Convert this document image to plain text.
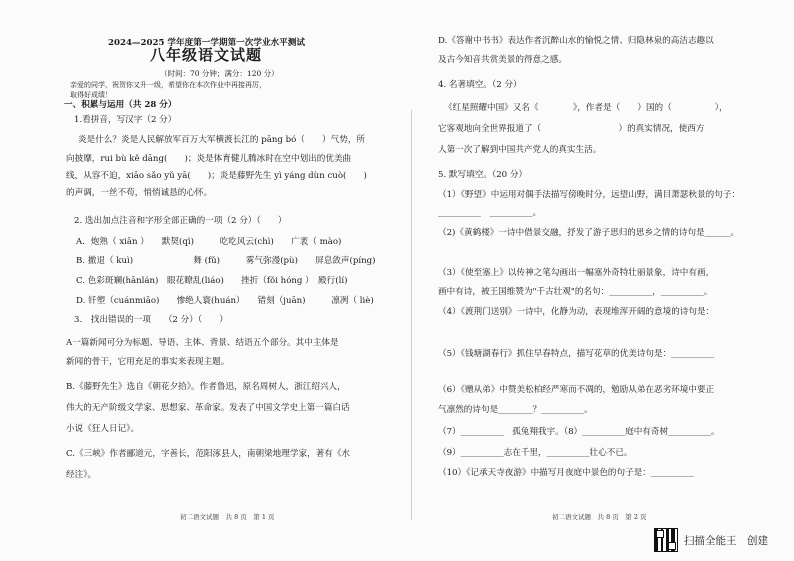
2024—2025 学年度第一学期第一次学业水平测试
八年级语文试题
（时间：70 分钟；满分：120 分）
亲爱的同学，祝贺你又升一级，希望你在本次作业中再接再厉，
取得好成绩！
一、积累与运用（共 28 分）
1.看拼音，写汉字（2 分）
炎是什么？炎是人民解放军百万大军横渡长江的 pāng bó（　　）气势，所
向披靡，rui bù kě dāng(　　)；炎是体育健儿腾冰时在空中划出的优美曲
线，从容不迫，xiāo sǎo yǔ yā(　　)；炎是藤野先生 yì yáng dùn cuò(　　)
的声调，一丝不苟，悄悄诚恳的心怀。
2. 选出加点注音和字形全部正确的一项（2 分）（　　）
A．炮熟（ xiān ）　　默契(qì)　　　吃吃风云(chì)　　广袤（ mào)
B. 撤退（ kuì)　　　　　　　舞 (fǔ)　　　雾气弥漫(pù)　　屏息敛声(píng)
C. 色彩斑斓(hānlán)　眼花瞭乱(liáo)　　挫折（fǒi hóng ）　殿行(lí)
D. 钎塑（cuánmiāo)　　惨绝人寰(huán）　　错刻（juān)　　　凛冽（ liè)
3.　找出错误的一项　　（2 分）（　　）
A一篇新闻可分为标题、导语、主体、背景、结语五个部分。其中主体是
新闻的骨干，它用充足的事实来表现主题。
B.《藤野先生》选自《朝花夕拾》。作者鲁迅，原名周树人，浙江绍兴人，
伟大的无产阶级文学家、思想家、革命家。发表了中国文学史上第一篇白话
小说《狂人日记》。
C.《三峡》作者郦道元，字善长，范阳涿县人，南朝梁地理学家，著有《水
经注》。
初二语文试题　共 8 页　第 1 页
D.《答谢中书书》表达作者沉醉山水的愉悦之情、归隐林泉的高洁志趣以
及古今知音共赏美景的得意之感。
4. 名著填空。（2 分）
《红星照耀中国》又名《　　　　》，作者是（　　）国的（　　　　　），
它客观地向全世界报道了（　　　　　　　　　）的真实情况，使西方
人第一次了解到中国共产党人的真实生活。
5. 默写填空。（20 分）
（1）《野望》中运用对偶手法描写傍晚时分，远望山野，满目萧瑟秋景的句子：
__________　__________。
（2)《黄鹤楼》一诗中借景交融，抒发了游子思归的思乡之情的诗句是______。
（3）《使至塞上》以传神之笔勾画出一幅塞外奇特壮丽景象，诗中有画，
画中有诗，被王国维赞为"千古壮观"的名句：__________，__________。
（4）《渡荆门送别》一诗中，化静为动，表现堆浑开阔的意境的诗句是：
（5）《钱塘湖春行》抓住早春特点，描写花草的优美诗句是：__________
（6）《赠从弟》中赞美松柏经严寒而不凋的，勉励从弟在恶劣环境中要正
气凛然的诗句是________？__________。
（7）__________　孤兔翔我宇。（8）__________庭中有奇树__________。
（9）__________志在千里，__________壮心不已。
（10）《记承天寺夜游》中描写月夜庭中景色的句子是：__________
初二语文试题　共 8 页　第 2 页
扫描全能王　创建
